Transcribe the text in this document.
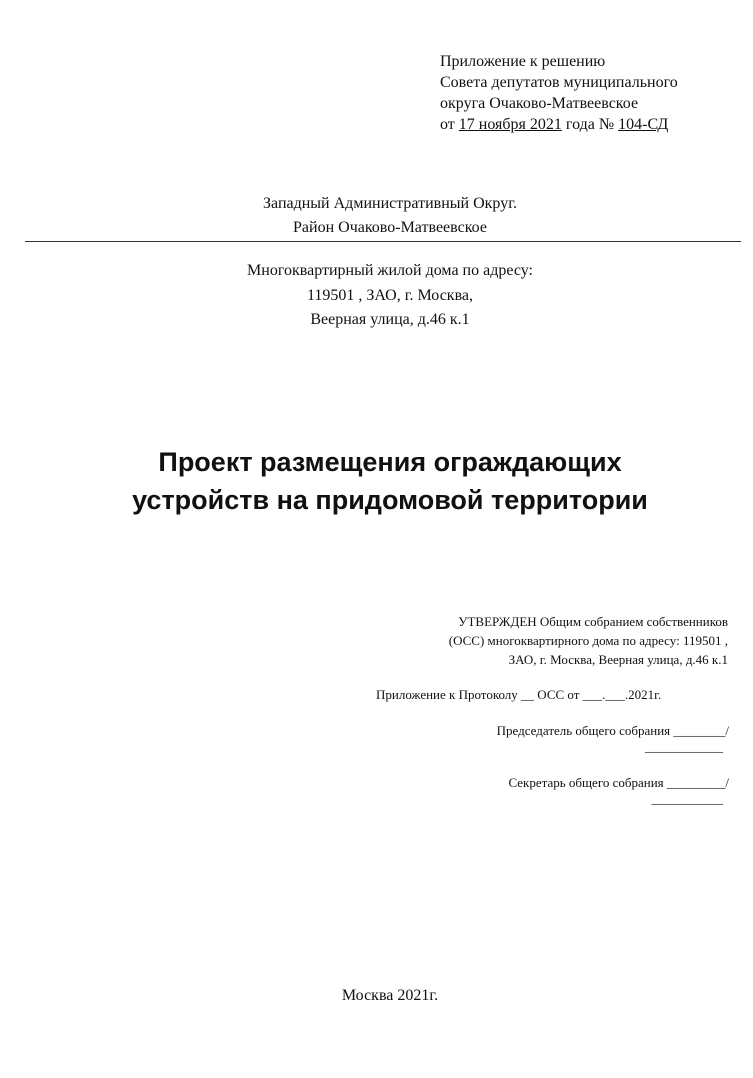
Приложение к решению
Совета депутатов муниципального
округа Очаково-Матвеевское
от 17 ноября 2021 года № 104-СД
Западный Административный Округ.
Район Очаково-Матвеевское
Многоквартирный жилой дома по адресу:
119501 , ЗАО, г. Москва,
Веерная улица, д.46 к.1
Проект размещения ограждающих
устройств на придомовой территории
УТВЕРЖДЕН Общим собранием собственников
(ОСС) многоквартирного дома по адресу: 119501 ,
ЗАО, г. Москва, Веерная улица, д.46 к.1
Приложение к Протоколу __ ОСС от ___.___.2021г.
Председатель общего собрания ________/
____________
Секретарь общего собрания _________/
___________
Москва 2021г.
